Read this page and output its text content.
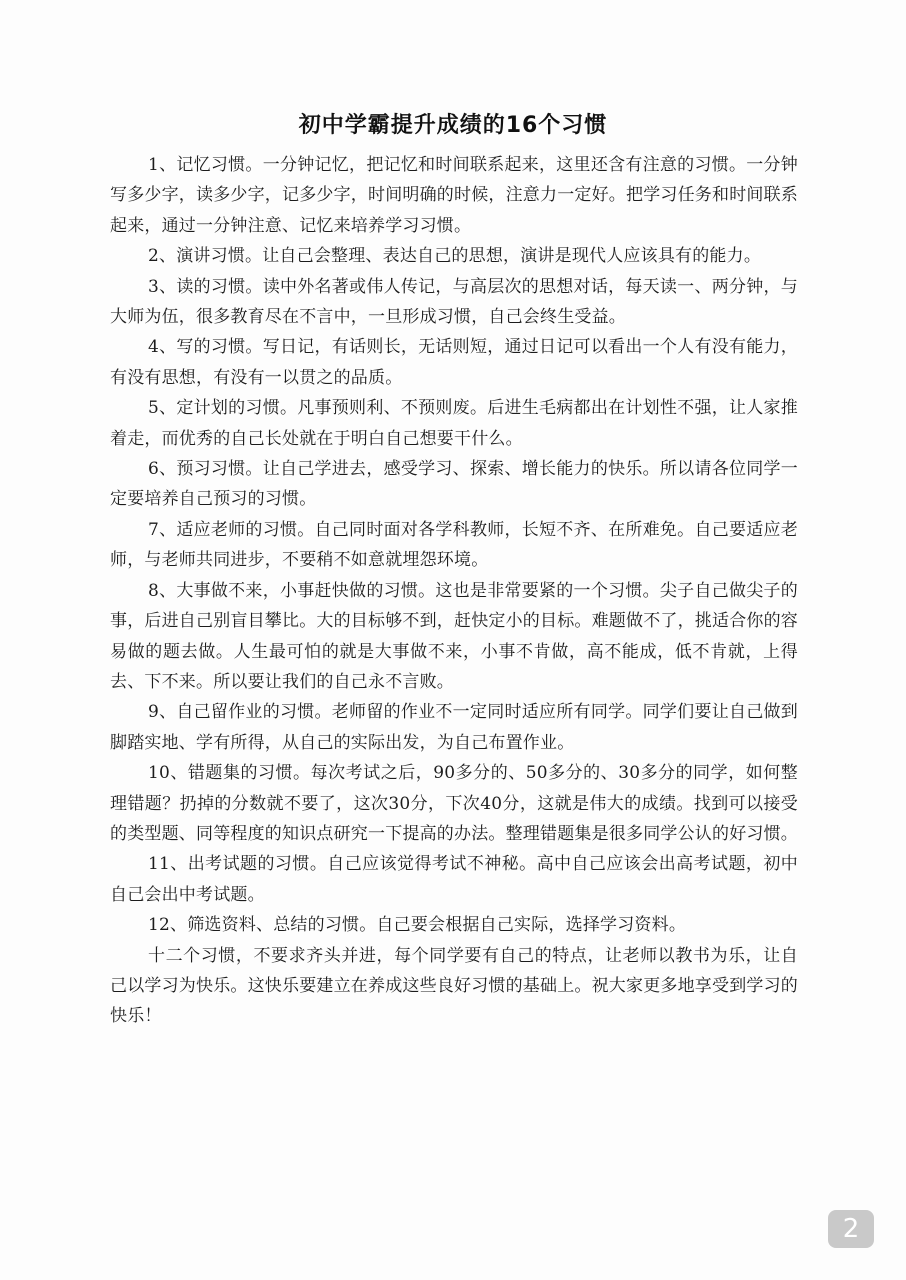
初中学霸提升成绩的16个习惯

1、记忆习惯。一分钟记忆，把记忆和时间联系起来，这里还含有注意的习惯。一分钟写多少字，读多少字，记多少字，时间明确的时候，注意力一定好。把学习任务和时间联系起来，通过一分钟注意、记忆来培养学习习惯。

2、演讲习惯。让自己会整理、表达自己的思想，演讲是现代人应该具有的能力。

3、读的习惯。读中外名著或伟人传记，与高层次的思想对话，每天读一、两分钟，与大师为伍，很多教育尽在不言中，一旦形成习惯，自己会终生受益。

4、写的习惯。写日记，有话则长，无话则短，通过日记可以看出一个人有没有能力，有没有思想，有没有一以贯之的品质。

5、定计划的习惯。凡事预则利、不预则废。后进生毛病都出在计划性不强，让人家推着走，而优秀的自己长处就在于明白自己想要干什么。

6、预习习惯。让自己学进去，感受学习、探索、增长能力的快乐。所以请各位同学一定要培养自己预习的习惯。

7、适应老师的习惯。自己同时面对各学科教师，长短不齐、在所难免。自己要适应老师，与老师共同进步，不要稍不如意就埋怨环境。

8、大事做不来，小事赶快做的习惯。这也是非常要紧的一个习惯。尖子自己做尖子的事，后进自己别盲目攀比。大的目标够不到，赶快定小的目标。难题做不了，挑适合你的容易做的题去做。人生最可怕的就是大事做不来，小事不肯做，高不能成，低不肯就，上得去、下不来。所以要让我们的自己永不言败。

9、自己留作业的习惯。老师留的作业不一定同时适应所有同学。同学们要让自己做到脚踏实地、学有所得，从自己的实际出发，为自己布置作业。

10、错题集的习惯。每次考试之后，90多分的、50多分的、30多分的同学，如何整理错题？扔掉的分数就不要了，这次30分，下次40分，这就是伟大的成绩。找到可以接受的类型题、同等程度的知识点研究一下提高的办法。整理错题集是很多同学公认的好习惯。

11、出考试题的习惯。自己应该觉得考试不神秘。高中自己应该会出高考试题，初中自己会出中考试题。

12、筛选资料、总结的习惯。自己要会根据自己实际，选择学习资料。

十二个习惯，不要求齐头并进，每个同学要有自己的特点，让老师以教书为乐，让自己以学习为快乐。这快乐要建立在养成这些良好习惯的基础上。祝大家更多地享受到学习的快乐！

2
